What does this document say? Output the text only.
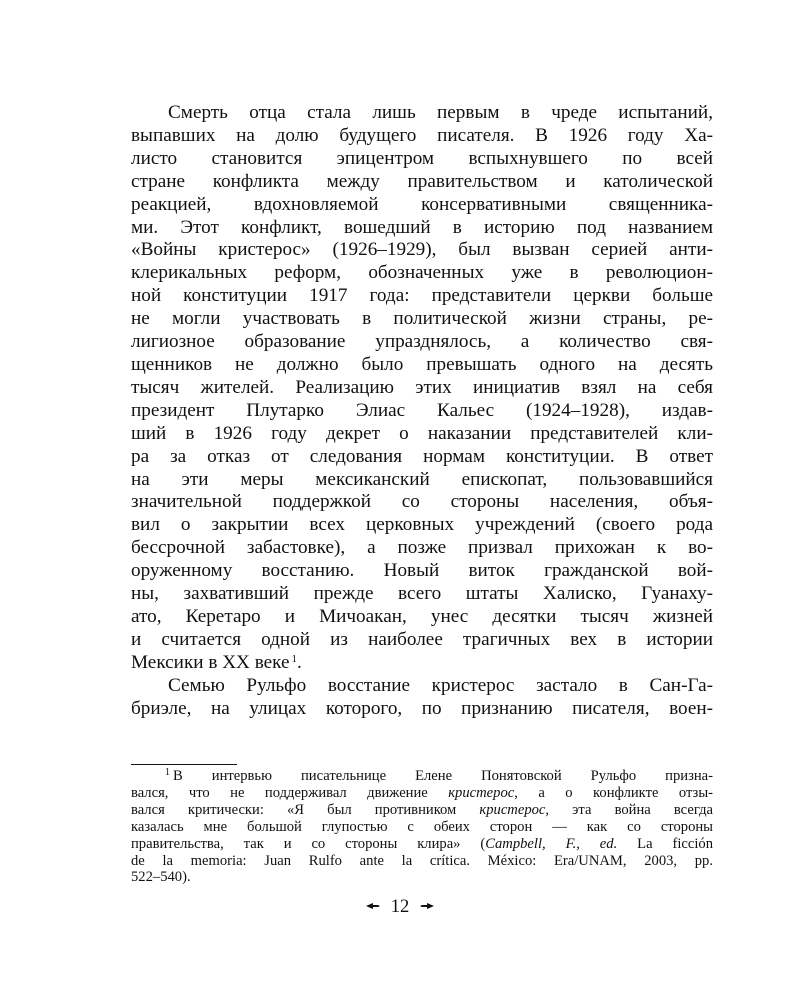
Смерть отца стала лишь первым в чреде испытаний,
выпавших на долю будущего писателя. В 1926 году Ха-
листо становится эпицентром вспыхнувшего по всей
стране конфликта между правительством и католической
реакцией, вдохновляемой консервативными священника-
ми. Этот конфликт, вошедший в историю под названием
«Войны кристерос» (1926–1929), был вызван серией анти-
клерикальных реформ, обозначенных уже в революцион-
ной конституции 1917 года: представители церкви больше
не могли участвовать в политической жизни страны, ре-
лигиозное образование упразднялось, а количество свя-
щенников не должно было превышать одного на десять
тысяч жителей. Реализацию этих инициатив взял на себя
президент Плутарко Элиас Кальес (1924–1928), издав-
ший в 1926 году декрет о наказании представителей кли-
ра за отказ от следования нормам конституции. В ответ
на эти меры мексиканский епископат, пользовавшийся
значительной поддержкой со стороны населения, объя-
вил о закрытии всех церковных учреждений (своего рода
бессрочной забастовке), а позже призвал прихожан к во-
оруженному восстанию. Новый виток гражданской вой-
ны, захвативший прежде всего штаты Халиско, Гуанаху-
ато, Керетаро и Мичоакан, унес десятки тысяч жизней
и считается одной из наиболее трагичных вех в истории
Мексики в XX веке $^1$.

Семью Рульфо восстание кристерос застало в Сан-Га-
бриэле, на улицах которого, по признанию писателя, воен-

$^1$ В интервью писательнице Елене Понятовской Рульфо призна-
вался, что не поддерживал движение кристерос, а о конфликте отзы-
вался критически: «Я был противником кристерос, эта война всегда
казалась мне большой глупостью с обеих сторон — как со стороны
правительства, так и со стороны клира» (Campbell, F., ed. La ficción
de la memoria: Juan Rulfo ante la crítica. México: Era/UNAM, 2003, pp.
522–540).
12
